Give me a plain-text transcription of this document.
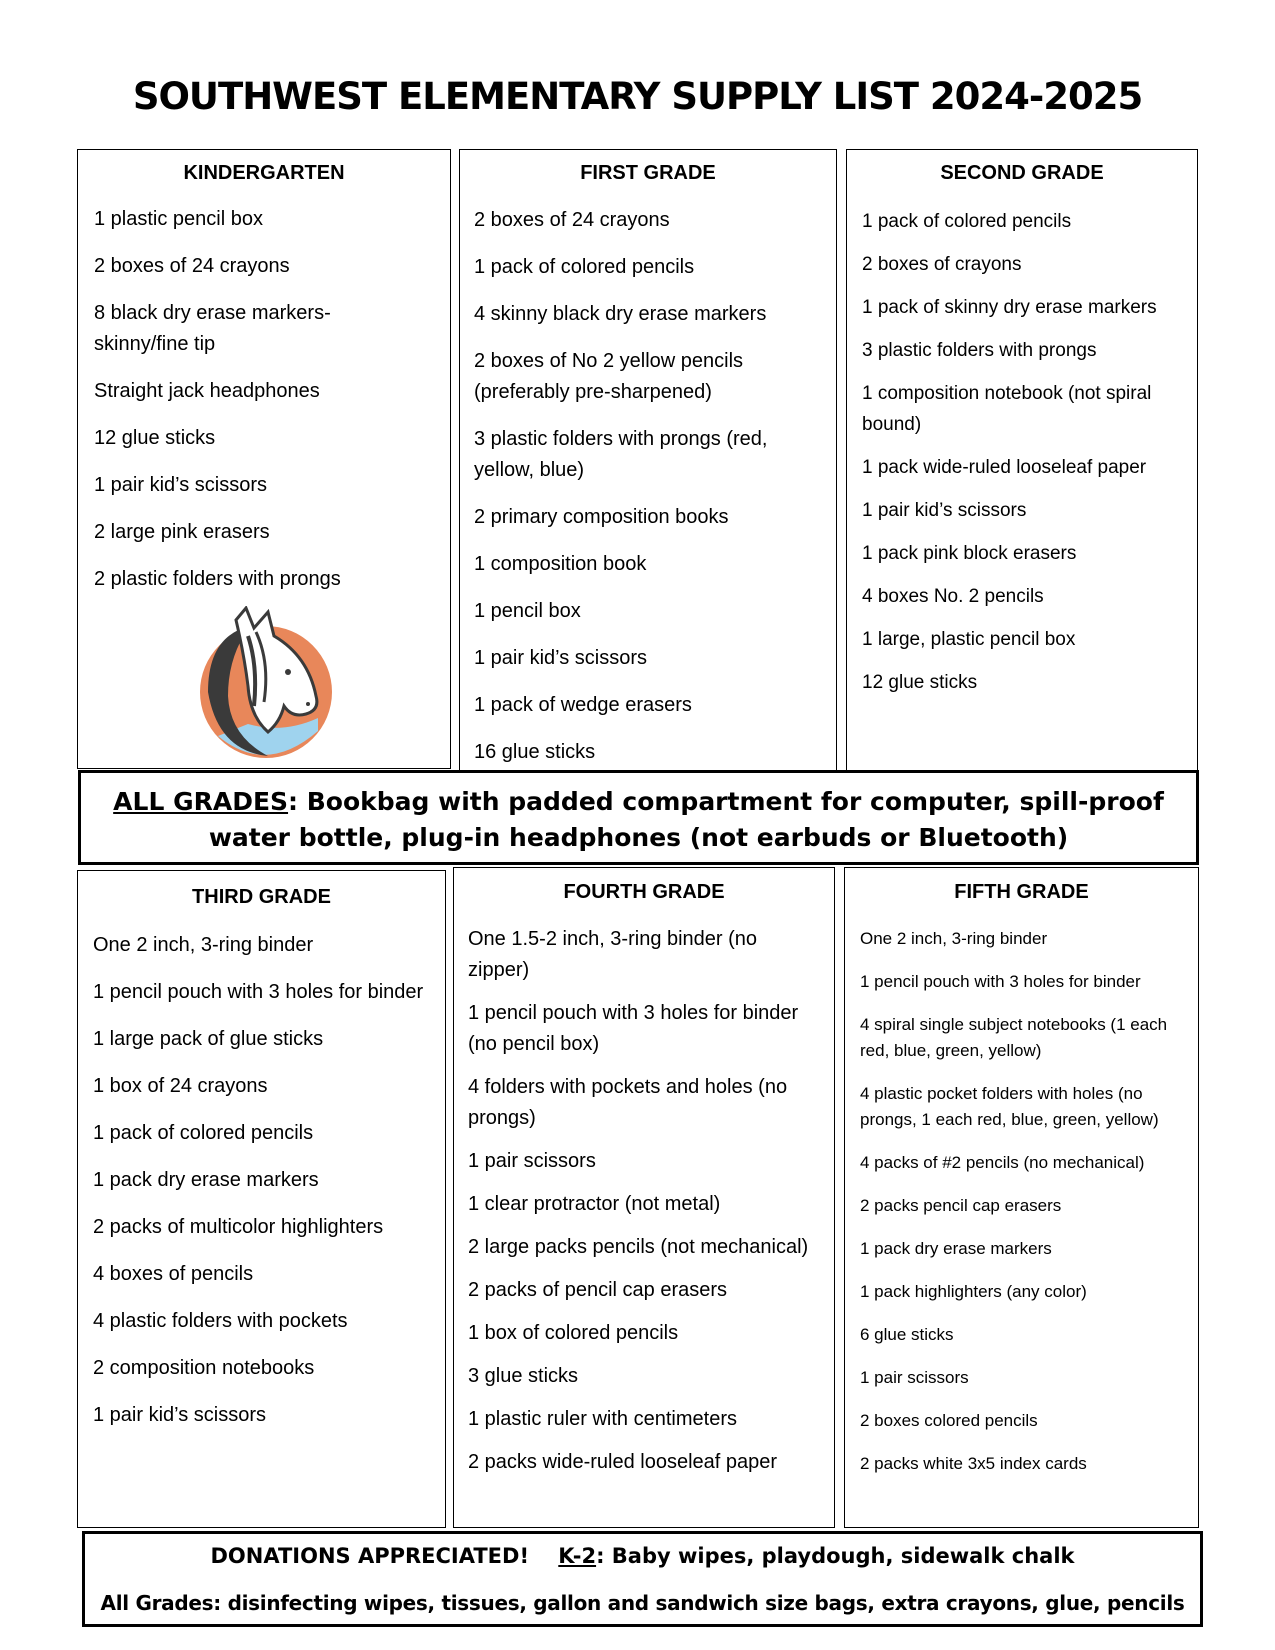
SOUTHWEST ELEMENTARY SUPPLY LIST 2024-2025
KINDERGARTEN
1 plastic pencil box
2 boxes of 24 crayons
8 black dry erase markers- skinny/fine tip
Straight jack headphones
12 glue sticks
1 pair kid’s scissors
2 large pink erasers
2 plastic folders with prongs
FIRST GRADE
2 boxes of 24 crayons
1 pack of colored pencils
4 skinny black dry erase markers
2 boxes of No 2 yellow pencils (preferably pre-sharpened)
3 plastic folders with prongs (red, yellow, blue)
2 primary composition books
1 composition book
1 pencil box
1 pair kid’s scissors
1 pack of wedge erasers
16 glue sticks
SECOND GRADE
1 pack of colored pencils
2 boxes of crayons
1 pack of skinny dry erase markers
3 plastic folders with prongs
1 composition notebook (not spiral bound)
1 pack wide-ruled looseleaf paper
1 pair kid’s scissors
1 pack pink block erasers
4 boxes No. 2 pencils
1 large, plastic pencil box
12 glue sticks
ALL GRADES: Bookbag with padded compartment for computer, spill-proof water bottle, plug-in headphones (not earbuds or Bluetooth)
THIRD GRADE
One 2 inch, 3-ring binder
1 pencil pouch with 3 holes for binder
1 large pack of glue sticks
1 box of 24 crayons
1 pack of colored pencils
1 pack dry erase markers
2 packs of multicolor highlighters
4 boxes of pencils
4 plastic folders with pockets
2 composition notebooks
1 pair kid’s scissors
FOURTH GRADE
One 1.5-2 inch, 3-ring binder (no zipper)
1 pencil pouch with 3 holes for binder (no pencil box)
4 folders with pockets and holes (no prongs)
1 pair scissors
1 clear protractor (not metal)
2 large packs pencils (not mechanical)
2 packs of pencil cap erasers
1 box of colored pencils
3 glue sticks
1 plastic ruler with centimeters
2 packs wide-ruled looseleaf paper
FIFTH GRADE
One 2 inch, 3-ring binder
1 pencil pouch with 3 holes for binder
4 spiral single subject notebooks (1 each red, blue, green, yellow)
4 plastic pocket folders with holes (no prongs, 1 each red, blue, green, yellow)
4 packs of #2 pencils (no mechanical)
2 packs pencil cap erasers
1 pack dry erase markers
1 pack highlighters (any color)
6 glue sticks
1 pair scissors
2 boxes colored pencils
2 packs white 3x5 index cards
DONATIONS APPRECIATED! K-2: Baby wipes, playdough, sidewalk chalk
All Grades: disinfecting wipes, tissues, gallon and sandwich size bags, extra crayons, glue, pencils
